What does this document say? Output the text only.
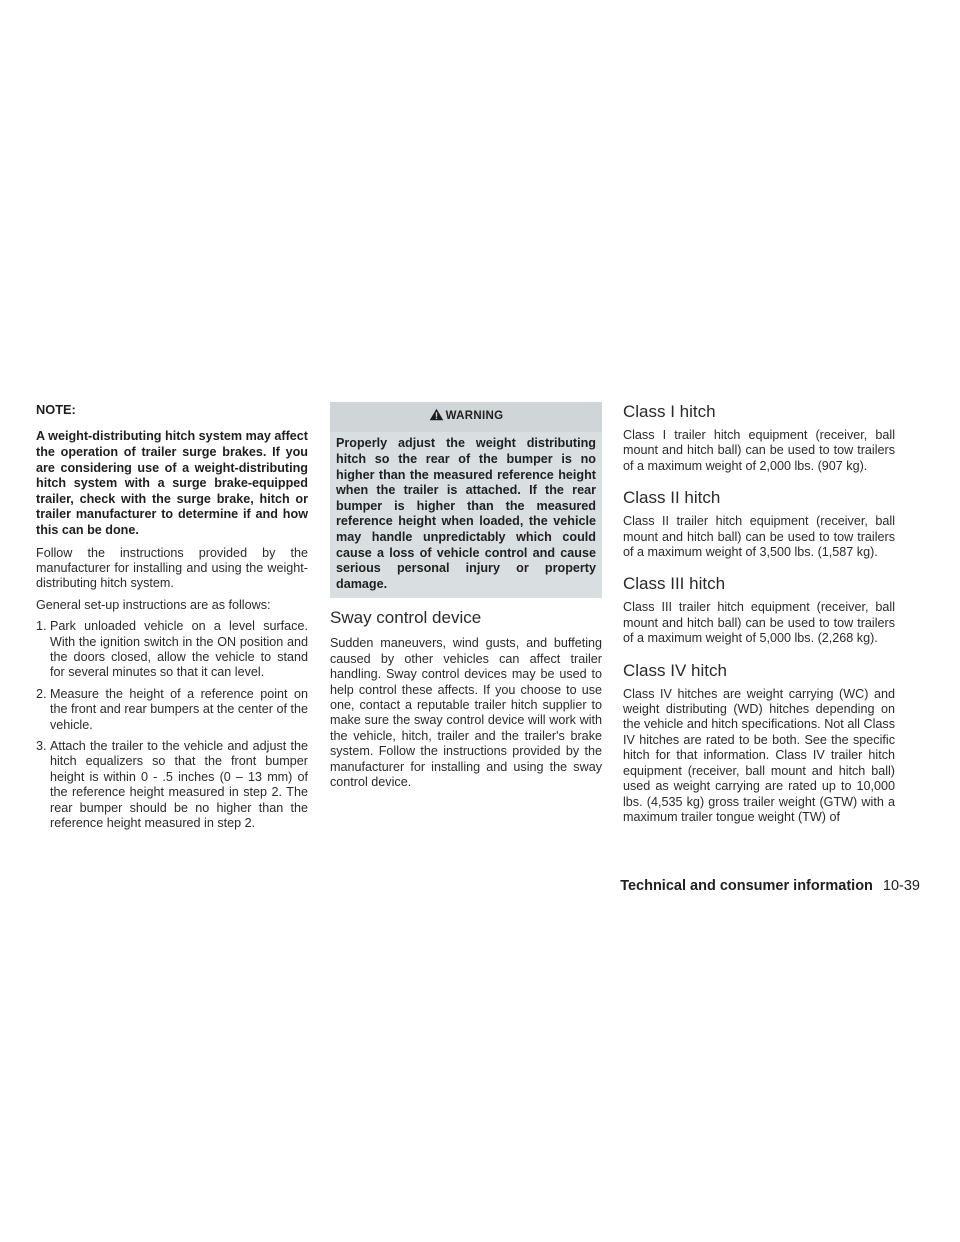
NOTE:
A weight-distributing hitch system may affect the operation of trailer surge brakes. If you are considering use of a weight-distributing hitch system with a surge brake-equipped trailer, check with the surge brake, hitch or trailer manufacturer to determine if and how this can be done.

Follow the instructions provided by the manufacturer for installing and using the weight-distributing hitch system.

General set-up instructions are as follows:

1. Park unloaded vehicle on a level surface. With the ignition switch in the ON position and the doors closed, allow the vehicle to stand for several minutes so that it can level.
2. Measure the height of a reference point on the front and rear bumpers at the center of the vehicle.
3. Attach the trailer to the vehicle and adjust the hitch equalizers so that the front bumper height is within 0 - .5 inches (0 – 13 mm) of the reference height measured in step 2. The rear bumper should be no higher than the reference height measured in step 2.
WARNING
Properly adjust the weight distributing hitch so the rear of the bumper is no higher than the measured reference height when the trailer is attached. If the rear bumper is higher than the measured reference height when loaded, the vehicle may handle unpredictably which could cause a loss of vehicle control and cause serious personal injury or property damage.
Sway control device

Sudden maneuvers, wind gusts, and buffeting caused by other vehicles can affect trailer handling. Sway control devices may be used to help control these affects. If you choose to use one, contact a reputable trailer hitch supplier to make sure the sway control device will work with the vehicle, hitch, trailer and the trailer's brake system. Follow the instructions provided by the manufacturer for installing and using the sway control device.

Class I hitch

Class I trailer hitch equipment (receiver, ball mount and hitch ball) can be used to tow trailers of a maximum weight of 2,000 lbs. (907 kg).

Class II hitch

Class II trailer hitch equipment (receiver, ball mount and hitch ball) can be used to tow trailers of a maximum weight of 3,500 lbs. (1,587 kg).

Class III hitch

Class III trailer hitch equipment (receiver, ball mount and hitch ball) can be used to tow trailers of a maximum weight of 5,000 lbs. (2,268 kg).

Class IV hitch

Class IV hitches are weight carrying (WC) and weight distributing (WD) hitches depending on the vehicle and hitch specifications. Not all Class IV hitches are rated to be both. See the specific hitch for that information. Class IV trailer hitch equipment (receiver, ball mount and hitch ball) used as weight carrying are rated up to 10,000 lbs. (4,535 kg) gross trailer weight (GTW) with a maximum trailer tongue weight (TW) of

Technical and consumer information 10-39
